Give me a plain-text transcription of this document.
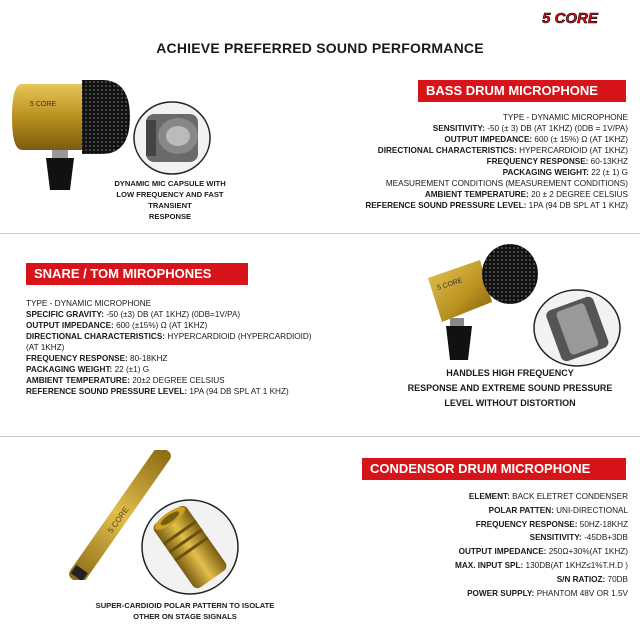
5 CORE
ACHIEVE PREFERRED SOUND PERFORMANCE
5 CORE
DYNAMIC MIC CAPSULE WITH
LOW FREQUENCY AND FAST TRANSIENT
RESPONSE
BASS DRUM MICROPHONE
TYPE - DYNAMIC MICROPHONE
SENSITIVITY: -50 (± 3) DB (AT 1KHZ) (0DB = 1V/PA)
OUTPUT IMPEDANCE: 600 (± 15%) Ω (AT 1KHZ)
DIRECTIONAL CHARACTERISTICS: HYPERCARDIOID (AT 1KHZ)
FREQUENCY RESPONSE: 60-13KHZ
PACKAGING WEIGHT: 22 (± 1) G
MEASUREMENT CONDITIONS (MEASUREMENT CONDITIONS)
AMBIENT TEMPERATURE: 20 ± 2 DEGREE CELSIUS
REFERENCE SOUND PRESSURE LEVEL: 1PA (94 DB SPL AT 1 KHZ)
SNARE / TOM MIROPHONES
TYPE - DYNAMIC MICROPHONE
SPECIFIC GRAVITY: -50 (±3) DB (AT 1KHZ) (0DB=1V/PA)
OUTPUT IMPEDANCE: 600 (±15%) Ω (AT 1KHZ)
DIRECTIONAL CHARACTERISTICS: HYPERCARDIOID (HYPERCARDIOID)
(AT 1KHZ)
FREQUENCY RESPONSE: 80-18KHZ
PACKAGING WEIGHT: 22 (±1) G
AMBIENT TEMPERATURE: 20±2 DEGREE CELSIUS
REFERENCE SOUND PRESSURE LEVEL: 1PA (94 DB SPL AT 1 KHZ)
5 CORE
HANDLES HIGH FREQUENCY
RESPONSE AND EXTREME SOUND PRESSURE
LEVEL WITHOUT DISTORTION
5 CORE
SUPER-CARDIOID POLAR PATTERN TO ISOLATE
OTHER ON STAGE SIGNALS
CONDENSOR DRUM MICROPHONE
ELEMENT: BACK ELETRET CONDENSER
POLAR PATTEN: UNI-DIRECTIONAL
FREQUENCY RESPONSE: 50HZ-18KHZ
SENSITIVITY: -45DB+3DB
OUTPUT IMPEDANCE: 250Ω+30%(AT 1KHZ)
MAX. INPUT SPL: 130DB(AT 1KHZ≤1%T.H.D )
S/N RATIOZ: 70DB
POWER SUPPLY: PHANTOM 48V OR 1.5V
